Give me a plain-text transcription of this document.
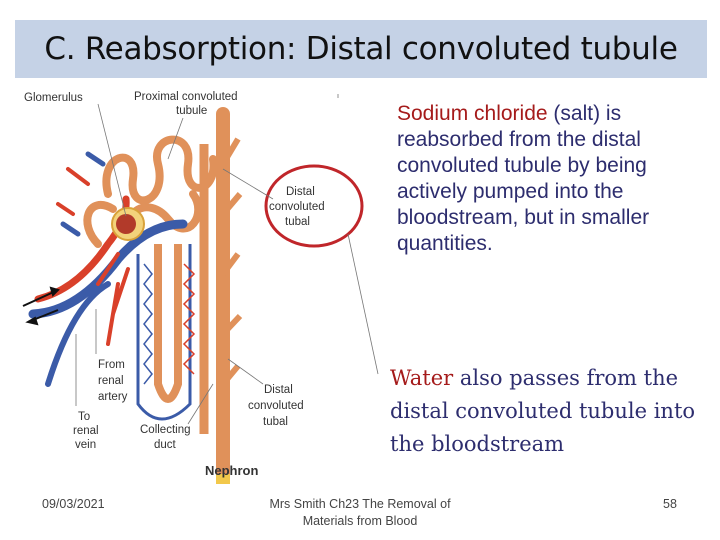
C. Reabsorption: Distal convoluted tubule
Glomerulus	Proximal convoluted
tubule
Distal
convoluted
tubal
From
renal
artery
To
renal
vein
Collecting
duct
Distal
convoluted
tubal
Nephron
Sodium chloride (salt) is reabsorbed from the distal convoluted tubule by being actively pumped into the bloodstream, but in smaller quantities.
Water also passes from the distal convoluted tubule into the bloodstream
09/03/2021	Mrs Smith Ch23 The Removal of
Materials from Blood
58
